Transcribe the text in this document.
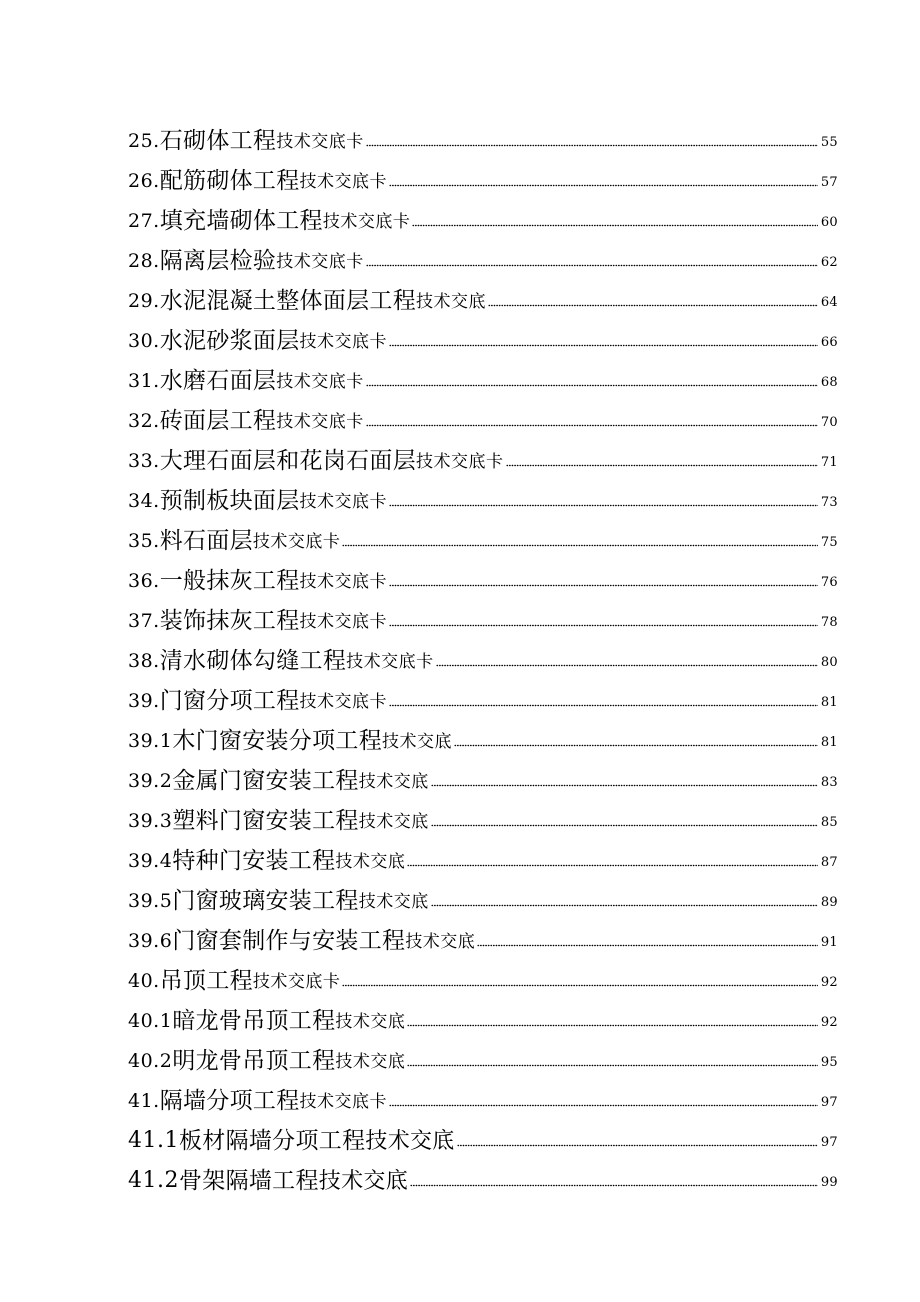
25. 石砌体工程 技术交底卡	55
26. 配筋砌体工程 技术交底卡	57
27. 填充墙砌体工程 技术交底卡	60
28. 隔离层检验 技术交底卡	62
29. 水泥混凝土整体面层工程 技术交底	64
30. 水泥砂浆面层 技术交底卡	66
31. 水磨石面层 技术交底卡	68
32. 砖面层工程 技术交底卡	70
33. 大理石面层和花岗石面层 技术交底卡	71
34. 预制板块面层 技术交底卡	73
35. 料石面层 技术交底卡	75
36. 一般抹灰工程 技术交底卡	76
37. 装饰抹灰工程 技术交底卡	78
38. 清水砌体勾缝工程 技术交底卡	80
39. 门窗分项工程 技术交底卡	81
39.1 木门窗安装分项工程 技术交底	81
39.2 金属门窗安装工程 技术交底	83
39.3 塑料门窗安装工程 技术交底	85
39.4 特种门安装工程 技术交底	87
39.5 门窗玻璃安装工程 技术交底	89
39.6 门窗套制作与安装工程 技术交底	91
40. 吊顶工程 技术交底卡	92
40.1 暗龙骨吊顶工程 技术交底	92
40.2 明龙骨吊顶工程 技术交底	95
41. 隔墙分项工程 技术交底卡	97
41.1 板材隔墙分项工程 技术交底	97
41.2 骨架隔墙工程 技术交底	99
